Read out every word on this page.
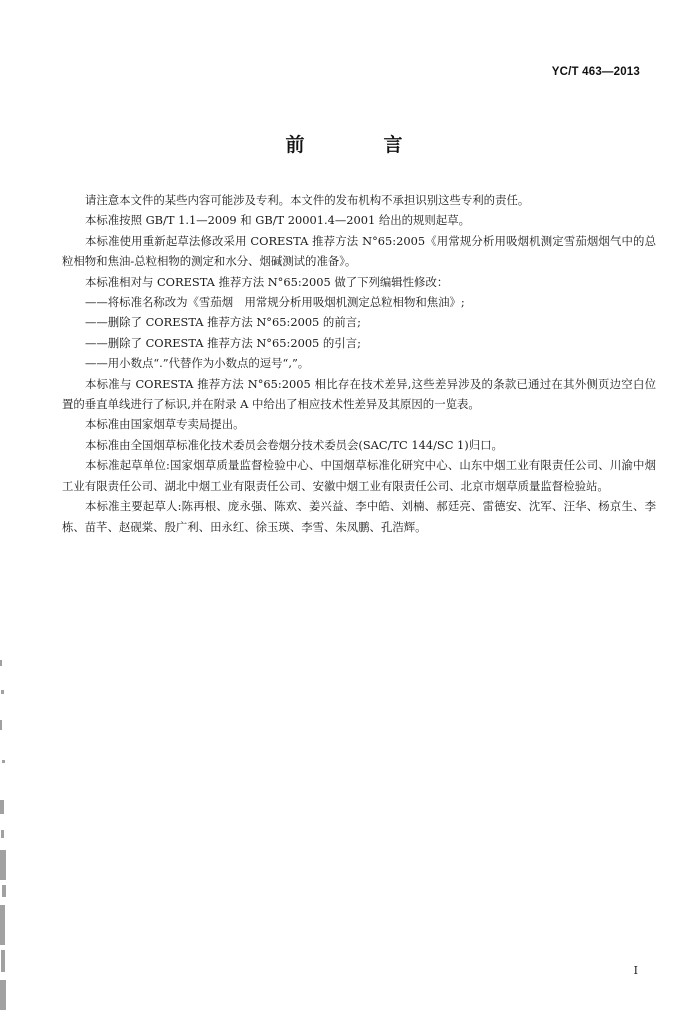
YC/T 463—2013
前　言

请注意本文件的某些内容可能涉及专利。本文件的发布机构不承担识别这些专利的责任。

本标准按照 GB/T 1.1—2009 和 GB/T 20001.4—2001 给出的规则起草。

本标准使用重新起草法修改采用 CORESTA 推荐方法 N°65:2005《用常规分析用吸烟机测定雪茄烟烟气中的总粒相物和焦油-总粒相物的测定和水分、烟碱测试的准备》。

本标准相对与 CORESTA 推荐方法 N°65:2005 做了下列编辑性修改：

——将标准名称改为《雪茄烟　用常规分析用吸烟机测定总粒相物和焦油》;

——删除了 CORESTA 推荐方法 N°65:2005 的前言;

——删除了 CORESTA 推荐方法 N°65:2005 的引言;

——用小数点“.”代替作为小数点的逗号“,”。

本标准与 CORESTA 推荐方法 N°65:2005 相比存在技术差异,这些差异涉及的条款已通过在其外侧页边空白位置的垂直单线进行了标识,并在附录 A 中给出了相应技术性差异及其原因的一览表。

本标准由国家烟草专卖局提出。

本标准由全国烟草标准化技术委员会卷烟分技术委员会(SAC/TC 144/SC 1)归口。

本标准起草单位:国家烟草质量监督检验中心、中国烟草标准化研究中心、山东中烟工业有限责任公司、川渝中烟工业有限责任公司、湖北中烟工业有限责任公司、安徽中烟工业有限责任公司、北京市烟草质量监督检验站。

本标准主要起草人:陈再根、庞永强、陈欢、姜兴益、李中皓、刘楠、郝廷亮、雷德安、沈军、汪华、杨京生、李栋、苗芊、赵砚棠、殷广利、田永红、徐玉瑛、李雪、朱凤鹏、孔浩辉。

I
